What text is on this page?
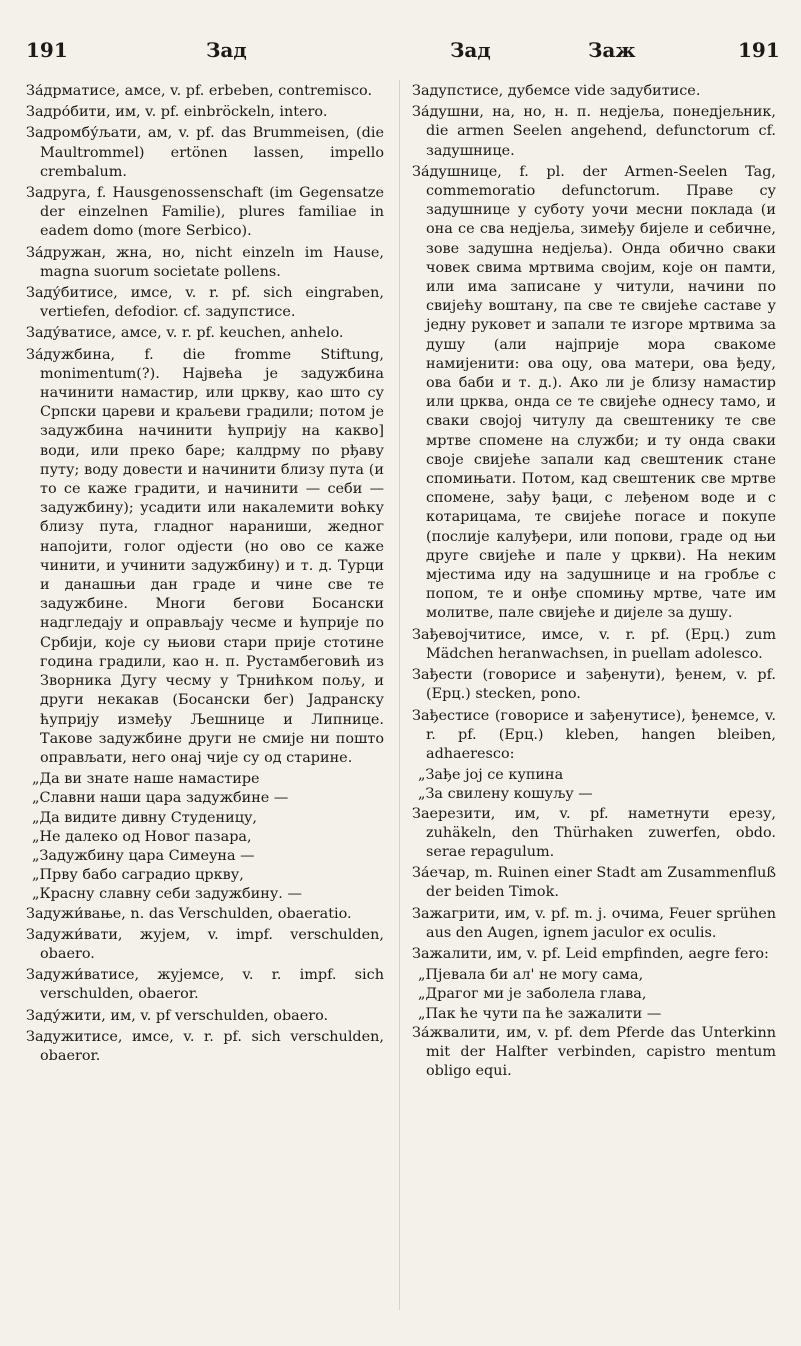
191	Зад	Зад	Заж	191

За́дрматисе, амсе, v. pf. erbeben, contremisco.

Задро́бити, им, v. pf. einbröckeln, intero.

Задромбу́љати, ам, v. pf. das Brummeisen, (die Maultrommel) ertönen lassen, impello crembalum.

Задруга, f. Hausgenossenschaft (im Gegensatze der einzelnen Familie), plures familiae in eadem domo (more Serbico).

За́дружан, жна, но, nicht einzeln im Hause, magna suorum societate pollens.

Заду́битисе, имсе, v. r. pf. sich eingraben, vertiefen, defodior. cf. задупстисе.

Заду́ватисе, амсе, v. r. pf. keuchen, anhelo.

За́дужбина, f. die fromme Stiftung, monimentum(?). Највећа је задужбина начинити намастир, или цркву, као што су Српски цареви и краљеви градили; потом је задужбина начинити ћуприју на какво] води, или преко баре; калдрму по рђаву путу; воду довести и начинити близу пута (и то се каже градити, и начинити — себи — задужбину); усадити или накалемити воћку близу пута, гладног нараниши, жедног напојити, голог одјести (но ово се каже чинити, и учинити задужбину) и т. д. Турци и данашњи дан граде и чине све те задужбине. Многи бегови Босански надгледају и оправљају чесме и ћуприје по Србији, које су њиови стари прије стотине година градили, као н. п. Рустамбеговић из Зворника Дугу чесму у Трнићком пољу, и други некакав (Босански бег) Јадранску ћуприју између Љешнице и Липнице. Такове задужбине други не смије ни поштo оправљати, него онај чије су од старине.

„Да ви знате наше намастире

„Славни наши цара задужбине —

„Да видите дивну Студеницу,

„Не далеко од Новог пазара,

„Задужбину цара Симеуна —

„Прву бабо саградио цркву,

„Красну славну себи задужбину. —

Задужи́вање, n. das Verschulden, obaeratio.

Задужи́вати, жујем, v. impf. verschulden, obaero.

Задужи́ватисе, жујемсе, v. r. impf. sich verschulden, obaeror.

Заду́жити, им, v. pf verschulden, obaero.

Задужитисе, имсе, v. r. pf. sich verschulden, obaeror.

Задупстисе, дубемсе vide задубитисе.

За́душни, на, но, н. п. недјеља, понедјељник, die armen Seelen angehend, defunctorum cf. задушнице.

За́душнице, f. pl. der Armen-Seelen Tag, commemoratio defunctorum. Праве су задушнице у суботу уочи месни поклада (и она се сва недјеља, зимеђу бијеле и себичне, зове задушна недјеља). Онда обично сваки човек свима мртвима својим, које он памти, или има записане у читули, начини по свијећу воштану, па све те свијеће саставе у једну руковет и запали те изгоре мртвима за душу (али најприје мора свакоме намијенити: ова оцу, ова матери, ова ђеду, ова баби и т. д.). Ако ли је близу намастир или црква, онда се те свијеће однесу тамо, и сваки својој читулу да свештенику те све мртве спомене на служби; и ту онда сваки своје свијеће запали кад свештеник стане спомињати. Потом, кад свештеник све мртве спомене, зађу ђаци, с леђеном воде и с котарицама, те свијеће погасе и покупе (послије калуђери, или попови, граде од њи друге свијеће и пале у цркви). На неким мјестима иду на задушнице и на гробље с попом, те и онђе спомињу мртве, чате им молитве, пале свијеће и дијеле за душу.

Зађевојчитисе, имсе, v. r. pf. (Ерц.) zum Mädchen heranwachsen, in puellam adolesco.

Зађести (говорисе и зађенути), ђенем, v. pf. (Ерц.) stecken, pono.

Зађестисе (говорисе и зађенутисе), ђенемсе, v. r. pf. (Ерц.) kleben, hangen bleiben, adhaeresco:

„Зађе јој се купина

„За свилену кошуљу —

Заерезити, им, v. pf. наметнути ерезу, zuhäkeln, den Thürhaken zuwerfen, obdo. serae repagulum.

За́ечар, m. Ruinen einer Stadt am Zusammenfluß der beiden Timok.

Зажагрити, им, v. pf. m. j. очима, Feuer sprühen aus den Augen, ignem jaculor ex oculis.

Зажалити, им, v. pf. Leid empfinden, aegre fero:

„Пјевала би ал' не могу сама,

„Драгог ми је заболела глава,

„Пак ће чути па ће зажалити —

За́жвалити, им, v. pf. dem Pferde das Unterkinn mit der Halfter verbinden, capistro mentum obligo equi.
